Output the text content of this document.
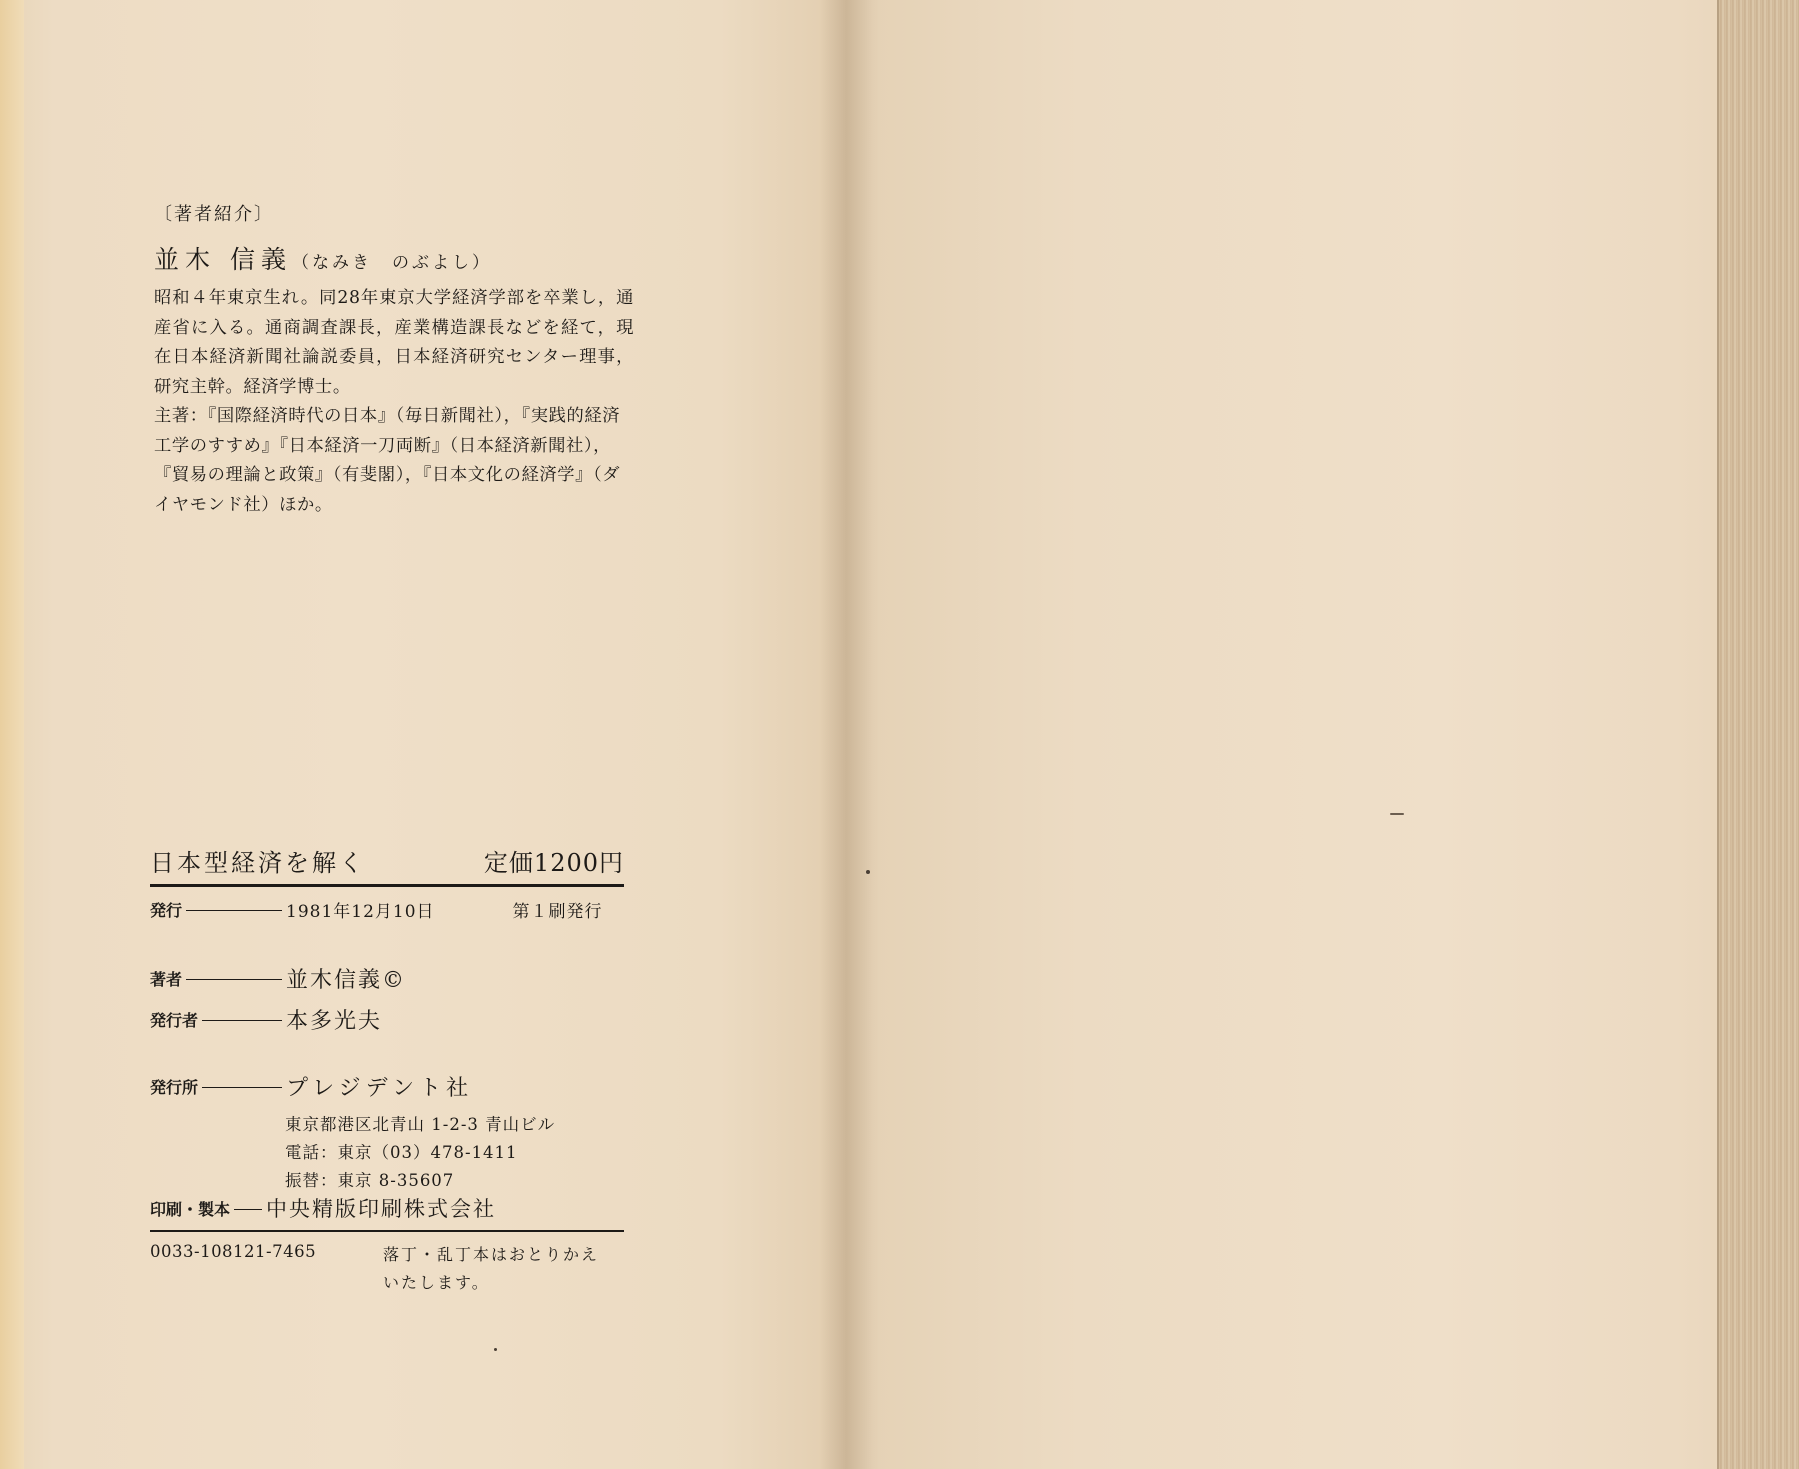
〔著者紹介〕
並木 信義（なみき　のぶよし）
昭和４年東京生れ。同28年東京大学経済学部を卒業し，通産省に入る。通商調査課長，産業構造課長などを経て，現在日本経済新聞社論説委員，日本経済研究センター理事，研究主幹。経済学博士。
主著：『国際経済時代の日本』（毎日新聞社），『実践的経済工学のすすめ』『日本経済一刀両断』（日本経済新聞社），『貿易の理論と政策』（有斐閣），『日本文化の経済学』（ダイヤモンド社）ほか。
日本型経済を解く	定価1200円
発行	1981年12月10日	第１刷発行
著者	並木信義©
発行者	本多光夫
発行所	プレジデント社
東京都港区北青山 1-2-3 青山ビル
電話：東京（03）478-1411
振替：東京 8-35607
印刷・製本 中央精版印刷株式会社
0033-108121-7465	落丁・乱丁本はおとりかえいたします。
